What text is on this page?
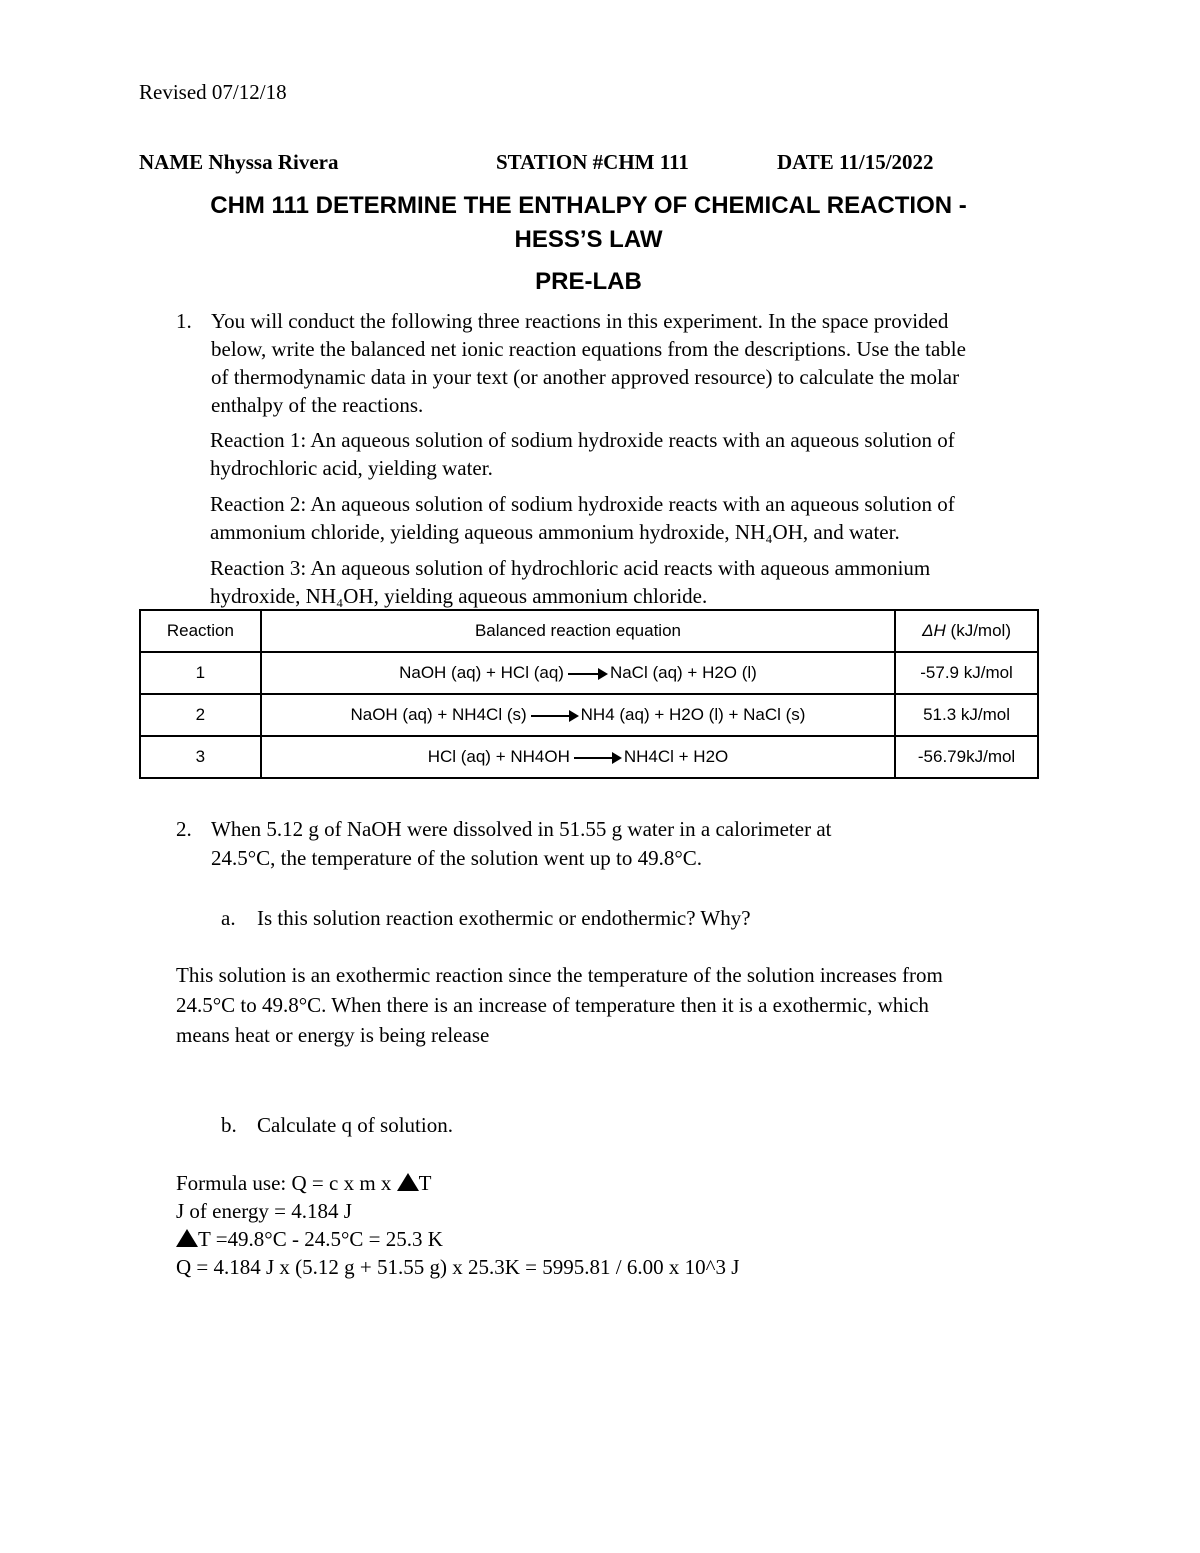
Revised 07/12/18
NAME Nhyssa Rivera	STATION #CHM 111	DATE 11/15/2022
CHM 111 DETERMINE THE ENTHALPY OF CHEMICAL REACTION -
HESS’S LAW
PRE-LAB
1. You will conduct the following three reactions in this experiment. In the space provided
below, write the balanced net ionic reaction equations from the descriptions. Use the table
of thermodynamic data in your text (or another approved resource) to calculate the molar
enthalpy of the reactions.
Reaction 1: An aqueous solution of sodium hydroxide reacts with an aqueous solution of
hydrochloric acid, yielding water.
Reaction 2: An aqueous solution of sodium hydroxide reacts with an aqueous solution of
ammonium chloride, yielding aqueous ammonium hydroxide, NH₄OH, and water.
Reaction 3: An aqueous solution of hydrochloric acid reacts with aqueous ammonium
hydroxide, NH₄OH, yielding aqueous ammonium chloride.
Reaction	Balanced reaction equation	ΔH (kJ/mol)
1	NaOH (aq) + HCl (aq) → NaCl (aq) + H2O (l)	-57.9 kJ/mol
2	NaOH (aq) + NH4Cl (s) → NH4 (aq) + H2O (l) + NaCl (s)	51.3 kJ/mol
3	HCl (aq) + NH4OH → NH4Cl + H2O	-56.79kJ/mol
2. When 5.12 g of NaOH were dissolved in 51.55 g water in a calorimeter at
24.5°C, the temperature of the solution went up to 49.8°C.
a. Is this solution reaction exothermic or endothermic? Why?
This solution is an exothermic reaction since the temperature of the solution increases from
24.5°C to 49.8°C. When there is an increase of temperature then it is a exothermic, which
means heat or energy is being release
b. Calculate q of solution.
Formula use: Q = c x m x T
J of energy = 4.184 J
T =49.8°C - 24.5°C = 25.3 K
Q = 4.184 J x (5.12 g + 51.55 g) x 25.3K = 5995.81 / 6.00 x 10^3 J
